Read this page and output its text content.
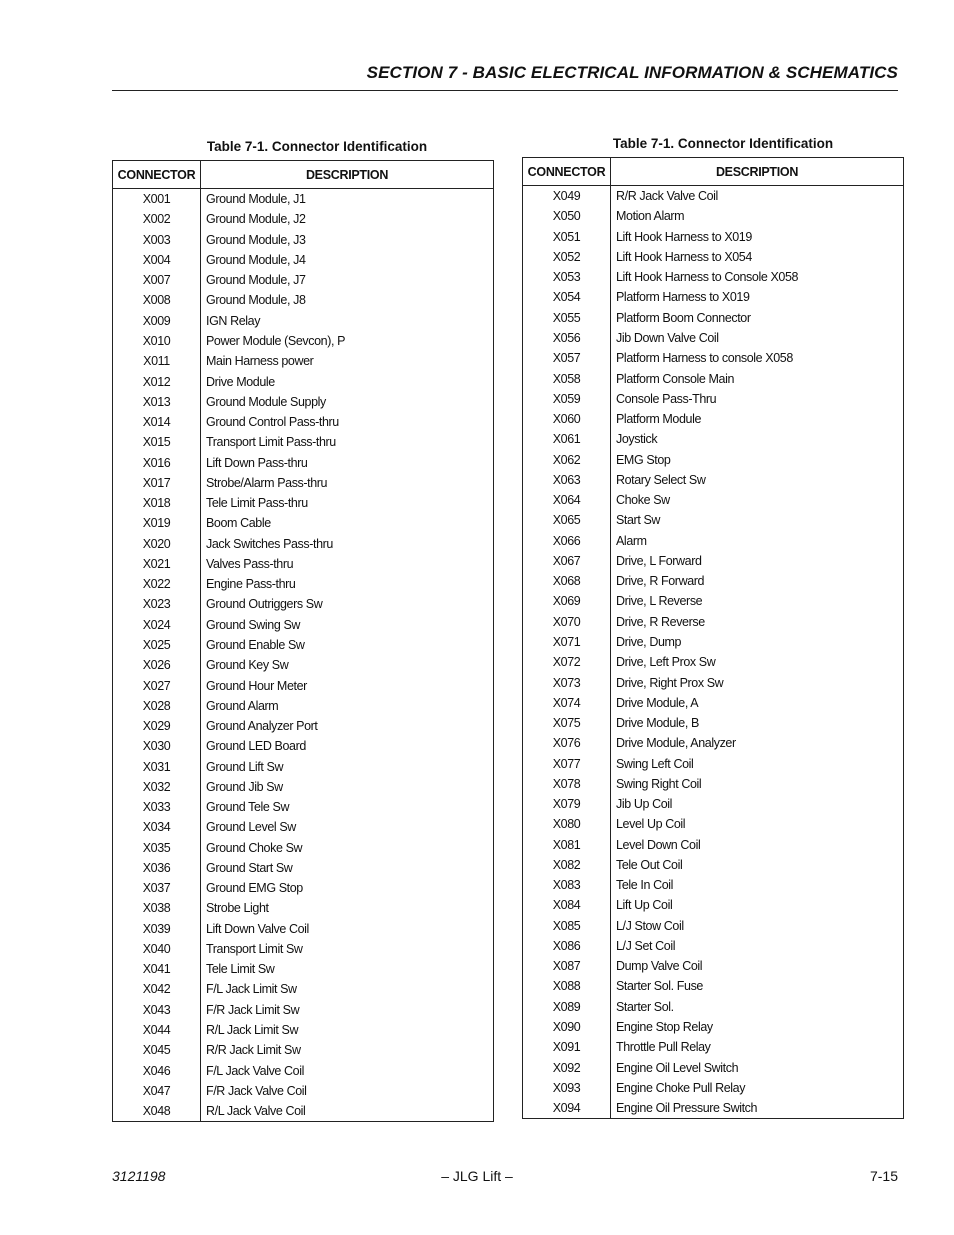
SECTION 7 - BASIC ELECTRICAL INFORMATION & SCHEMATICS
Table 7-1. Connector Identification
CONNECTOR	DESCRIPTION
X001	Ground Module, J1
X002	Ground Module, J2
X003	Ground Module, J3
X004	Ground Module, J4
X007	Ground Module, J7
X008	Ground Module, J8
X009	IGN Relay
X010	Power Module (Sevcon), P
X011	Main Harness power
X012	Drive Module
X013	Ground Module Supply
X014	Ground Control Pass-thru
X015	Transport Limit Pass-thru
X016	Lift Down Pass-thru
X017	Strobe/Alarm Pass-thru
X018	Tele Limit Pass-thru
X019	Boom Cable
X020	Jack Switches Pass-thru
X021	Valves Pass-thru
X022	Engine Pass-thru
X023	Ground Outriggers Sw
X024	Ground Swing Sw
X025	Ground Enable Sw
X026	Ground Key Sw
X027	Ground Hour Meter
X028	Ground Alarm
X029	Ground Analyzer Port
X030	Ground LED Board
X031	Ground Lift Sw
X032	Ground Jib Sw
X033	Ground Tele Sw
X034	Ground Level Sw
X035	Ground Choke Sw
X036	Ground Start Sw
X037	Ground EMG Stop
X038	Strobe Light
X039	Lift Down Valve Coil
X040	Transport Limit Sw
X041	Tele Limit Sw
X042	F/L Jack Limit Sw
X043	F/R Jack Limit Sw
X044	R/L Jack Limit Sw
X045	R/R Jack Limit Sw
X046	F/L Jack Valve Coil
X047	F/R Jack Valve Coil
X048	R/L Jack Valve Coil
Table 7-1. Connector Identification
CONNECTOR	DESCRIPTION
X049	R/R Jack Valve Coil
X050	Motion Alarm
X051	Lift Hook Harness to X019
X052	Lift Hook Harness to X054
X053	Lift Hook Harness to Console X058
X054	Platform Harness to X019
X055	Platform Boom Connector
X056	Jib Down Valve Coil
X057	Platform Harness to console X058
X058	Platform Console Main
X059	Console Pass-Thru
X060	Platform Module
X061	Joystick
X062	EMG Stop
X063	Rotary Select Sw
X064	Choke Sw
X065	Start Sw
X066	Alarm
X067	Drive, L Forward
X068	Drive, R Forward
X069	Drive, L Reverse
X070	Drive, R Reverse
X071	Drive, Dump
X072	Drive, Left Prox Sw
X073	Drive, Right Prox Sw
X074	Drive Module, A
X075	Drive Module, B
X076	Drive Module, Analyzer
X077	Swing Left Coil
X078	Swing Right Coil
X079	Jib Up Coil
X080	Level Up Coil
X081	Level Down Coil
X082	Tele Out Coil
X083	Tele In Coil
X084	Lift Up Coil
X085	L/J Stow Coil
X086	L/J Set Coil
X087	Dump Valve Coil
X088	Starter Sol. Fuse
X089	Starter Sol.
X090	Engine Stop Relay
X091	Throttle Pull Relay
X092	Engine Oil Level Switch
X093	Engine Choke Pull Relay
X094	Engine Oil Pressure Switch
3121198	– JLG Lift –	7-15
